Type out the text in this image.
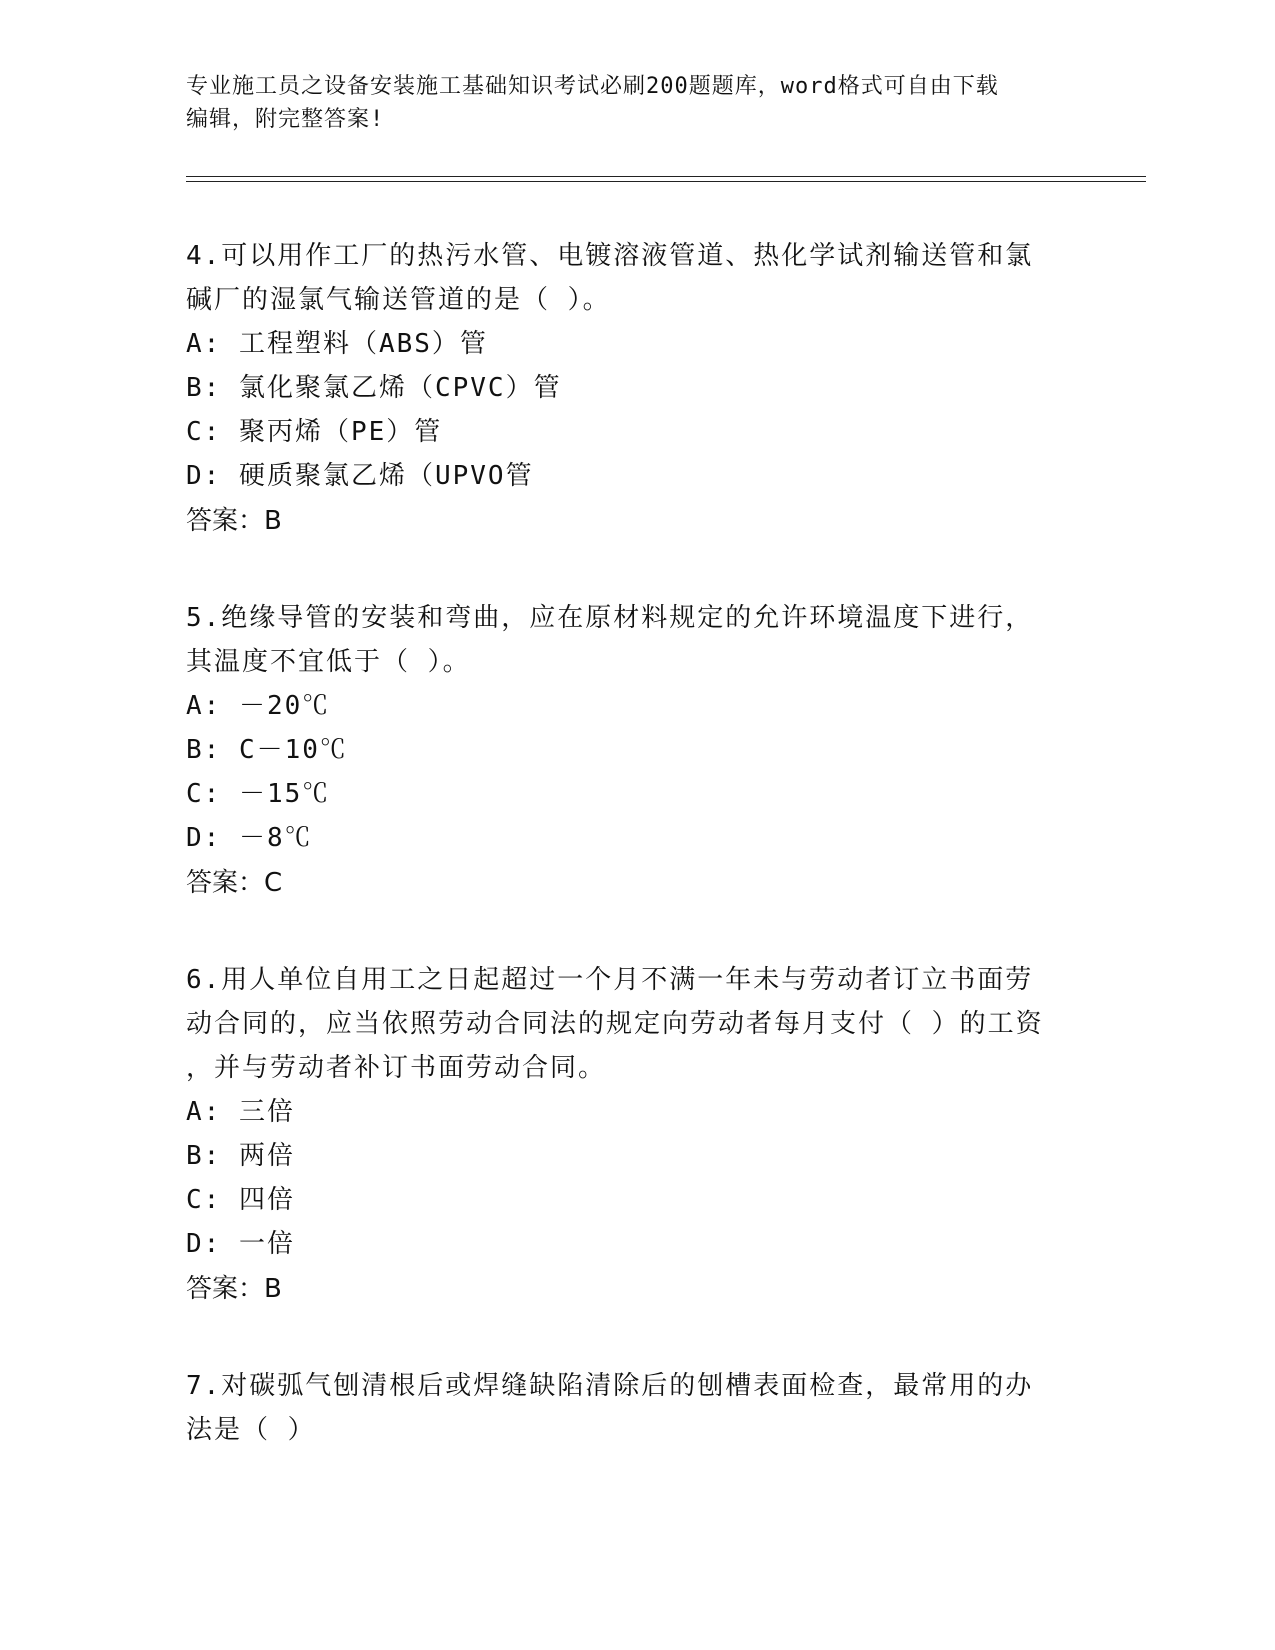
专业施工员之设备安装施工基础知识考试必刷200题题库，word格式可自由下载
编辑，附完整答案!

4.可以用作工厂的热污水管、电镀溶液管道、热化学试剂输送管和氯

碱厂的湿氯气输送管道的是（ ）。

A: 工程塑料（ABS）管

B: 氯化聚氯乙烯（CPVC）管

C: 聚丙烯（PE）管

D: 硬质聚氯乙烯（UPVO管

答案：B

5.绝缘导管的安装和弯曲，应在原材料规定的允许环境温度下进行，

其温度不宜低于（ ）。

A: －20℃

B: C－10℃

C: －15℃

D: －8℃

答案：C

6.用人单位自用工之日起超过一个月不满一年未与劳动者订立书面劳

动合同的，应当依照劳动合同法的规定向劳动者每月支付（ ）的工资

，并与劳动者补订书面劳动合同。

A: 三倍

B: 两倍

C: 四倍

D: 一倍

答案：B

7.对碳弧气刨清根后或焊缝缺陷清除后的刨槽表面检查，最常用的办

法是（ ）
